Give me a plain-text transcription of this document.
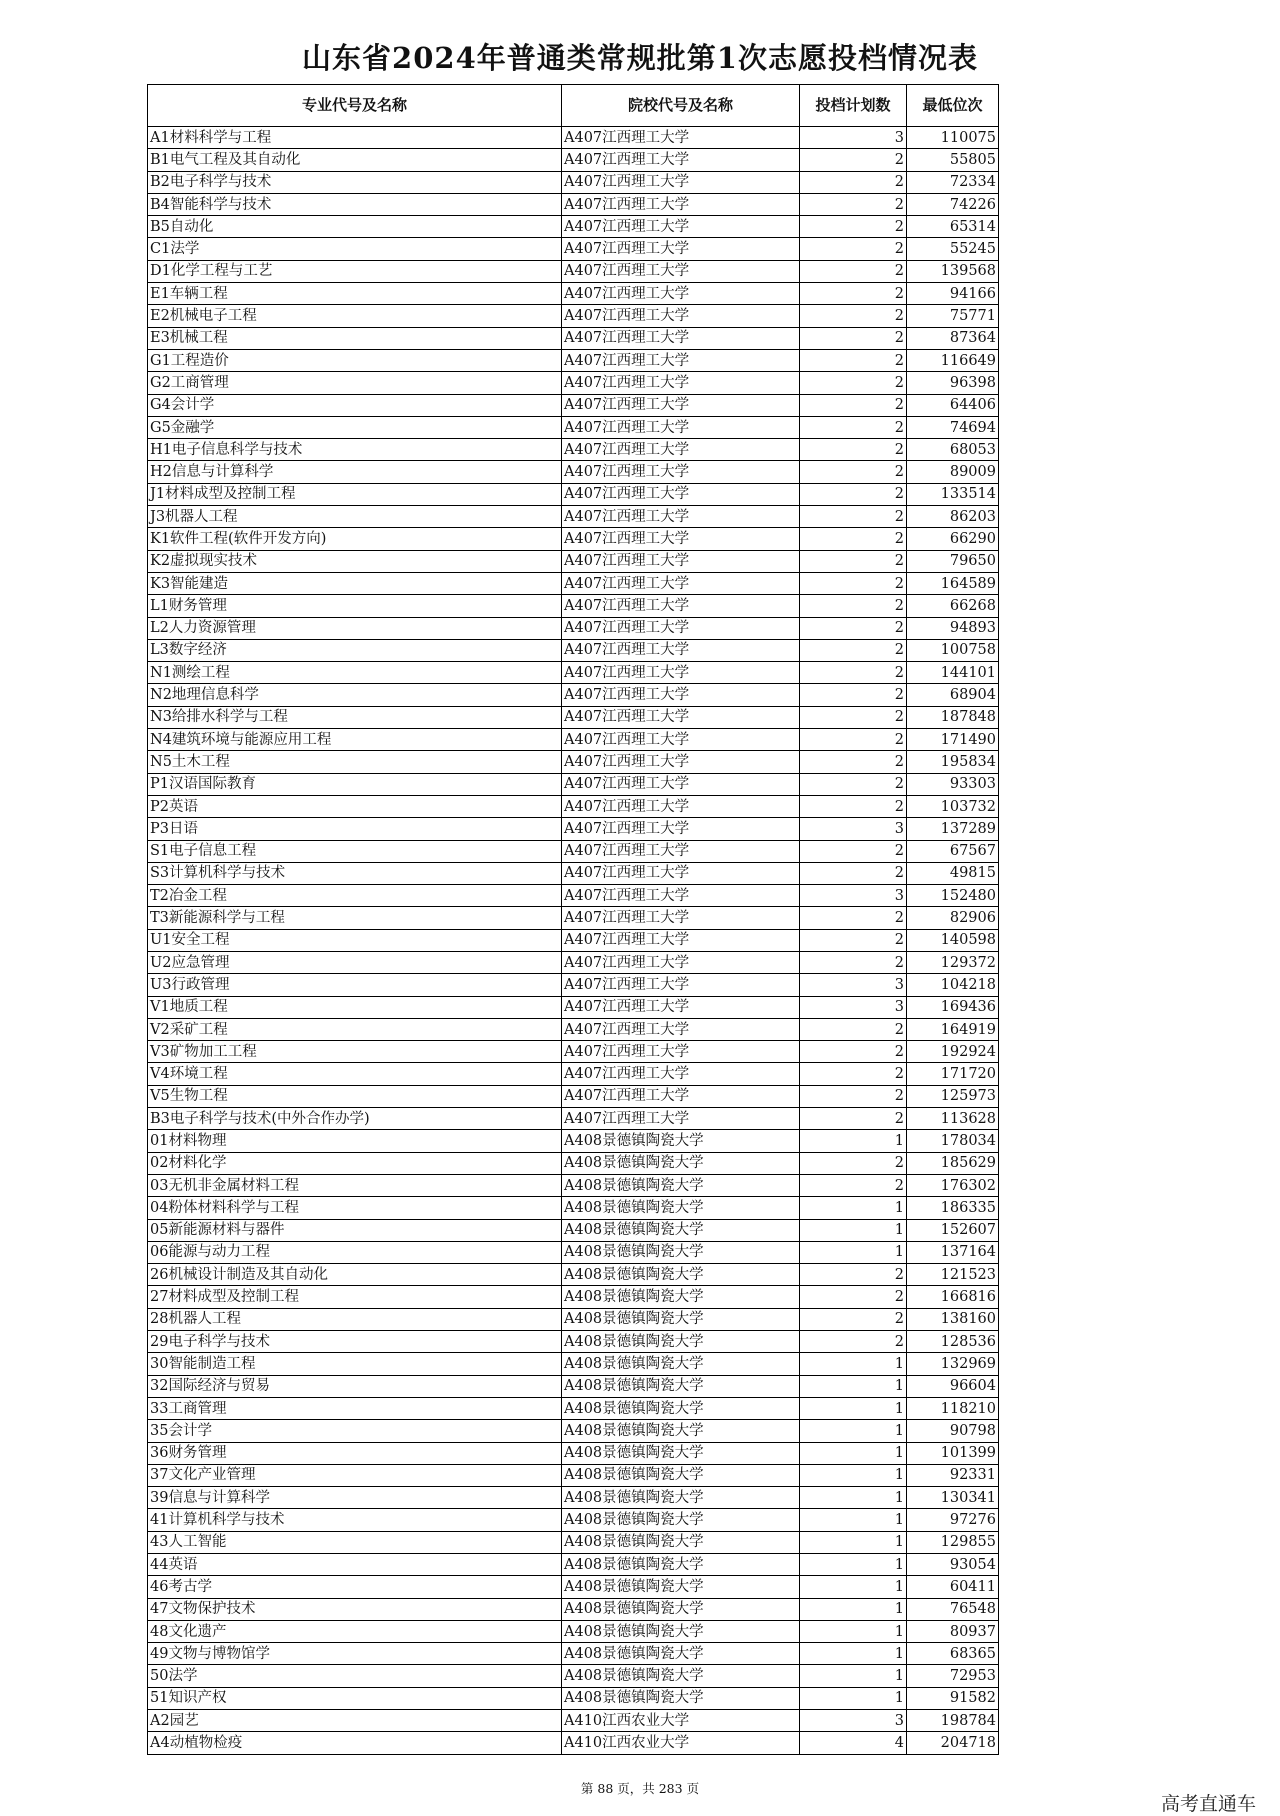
山东省2024年普通类常规批第1次志愿投档情况表
专业代号及名称	院校代号及名称	投档计划数	最低位次
A1材料科学与工程	A407江西理工大学	3	110075
B1电气工程及其自动化	A407江西理工大学	2	55805
B2电子科学与技术	A407江西理工大学	2	72334
B4智能科学与技术	A407江西理工大学	2	74226
B5自动化	A407江西理工大学	2	65314
C1法学	A407江西理工大学	2	55245
D1化学工程与工艺	A407江西理工大学	2	139568
E1车辆工程	A407江西理工大学	2	94166
E2机械电子工程	A407江西理工大学	2	75771
E3机械工程	A407江西理工大学	2	87364
G1工程造价	A407江西理工大学	2	116649
G2工商管理	A407江西理工大学	2	96398
G4会计学	A407江西理工大学	2	64406
G5金融学	A407江西理工大学	2	74694
H1电子信息科学与技术	A407江西理工大学	2	68053
H2信息与计算科学	A407江西理工大学	2	89009
J1材料成型及控制工程	A407江西理工大学	2	133514
J3机器人工程	A407江西理工大学	2	86203
K1软件工程(软件开发方向)	A407江西理工大学	2	66290
K2虚拟现实技术	A407江西理工大学	2	79650
K3智能建造	A407江西理工大学	2	164589
L1财务管理	A407江西理工大学	2	66268
L2人力资源管理	A407江西理工大学	2	94893
L3数字经济	A407江西理工大学	2	100758
N1测绘工程	A407江西理工大学	2	144101
N2地理信息科学	A407江西理工大学	2	68904
N3给排水科学与工程	A407江西理工大学	2	187848
N4建筑环境与能源应用工程	A407江西理工大学	2	171490
N5土木工程	A407江西理工大学	2	195834
P1汉语国际教育	A407江西理工大学	2	93303
P2英语	A407江西理工大学	2	103732
P3日语	A407江西理工大学	3	137289
S1电子信息工程	A407江西理工大学	2	67567
S3计算机科学与技术	A407江西理工大学	2	49815
T2冶金工程	A407江西理工大学	3	152480
T3新能源科学与工程	A407江西理工大学	2	82906
U1安全工程	A407江西理工大学	2	140598
U2应急管理	A407江西理工大学	2	129372
U3行政管理	A407江西理工大学	3	104218
V1地质工程	A407江西理工大学	3	169436
V2采矿工程	A407江西理工大学	2	164919
V3矿物加工工程	A407江西理工大学	2	192924
V4环境工程	A407江西理工大学	2	171720
V5生物工程	A407江西理工大学	2	125973
B3电子科学与技术(中外合作办学)	A407江西理工大学	2	113628
01材料物理	A408景德镇陶瓷大学	1	178034
02材料化学	A408景德镇陶瓷大学	2	185629
03无机非金属材料工程	A408景德镇陶瓷大学	2	176302
04粉体材料科学与工程	A408景德镇陶瓷大学	1	186335
05新能源材料与器件	A408景德镇陶瓷大学	1	152607
06能源与动力工程	A408景德镇陶瓷大学	1	137164
26机械设计制造及其自动化	A408景德镇陶瓷大学	2	121523
27材料成型及控制工程	A408景德镇陶瓷大学	2	166816
28机器人工程	A408景德镇陶瓷大学	2	138160
29电子科学与技术	A408景德镇陶瓷大学	2	128536
30智能制造工程	A408景德镇陶瓷大学	1	132969
32国际经济与贸易	A408景德镇陶瓷大学	1	96604
33工商管理	A408景德镇陶瓷大学	1	118210
35会计学	A408景德镇陶瓷大学	1	90798
36财务管理	A408景德镇陶瓷大学	1	101399
37文化产业管理	A408景德镇陶瓷大学	1	92331
39信息与计算科学	A408景德镇陶瓷大学	1	130341
41计算机科学与技术	A408景德镇陶瓷大学	1	97276
43人工智能	A408景德镇陶瓷大学	1	129855
44英语	A408景德镇陶瓷大学	1	93054
46考古学	A408景德镇陶瓷大学	1	60411
47文物保护技术	A408景德镇陶瓷大学	1	76548
48文化遗产	A408景德镇陶瓷大学	1	80937
49文物与博物馆学	A408景德镇陶瓷大学	1	68365
50法学	A408景德镇陶瓷大学	1	72953
51知识产权	A408景德镇陶瓷大学	1	91582
A2园艺	A410江西农业大学	3	198784
A4动植物检疫	A410江西农业大学	4	204718
第 88 页，共 283 页
高考直通车
